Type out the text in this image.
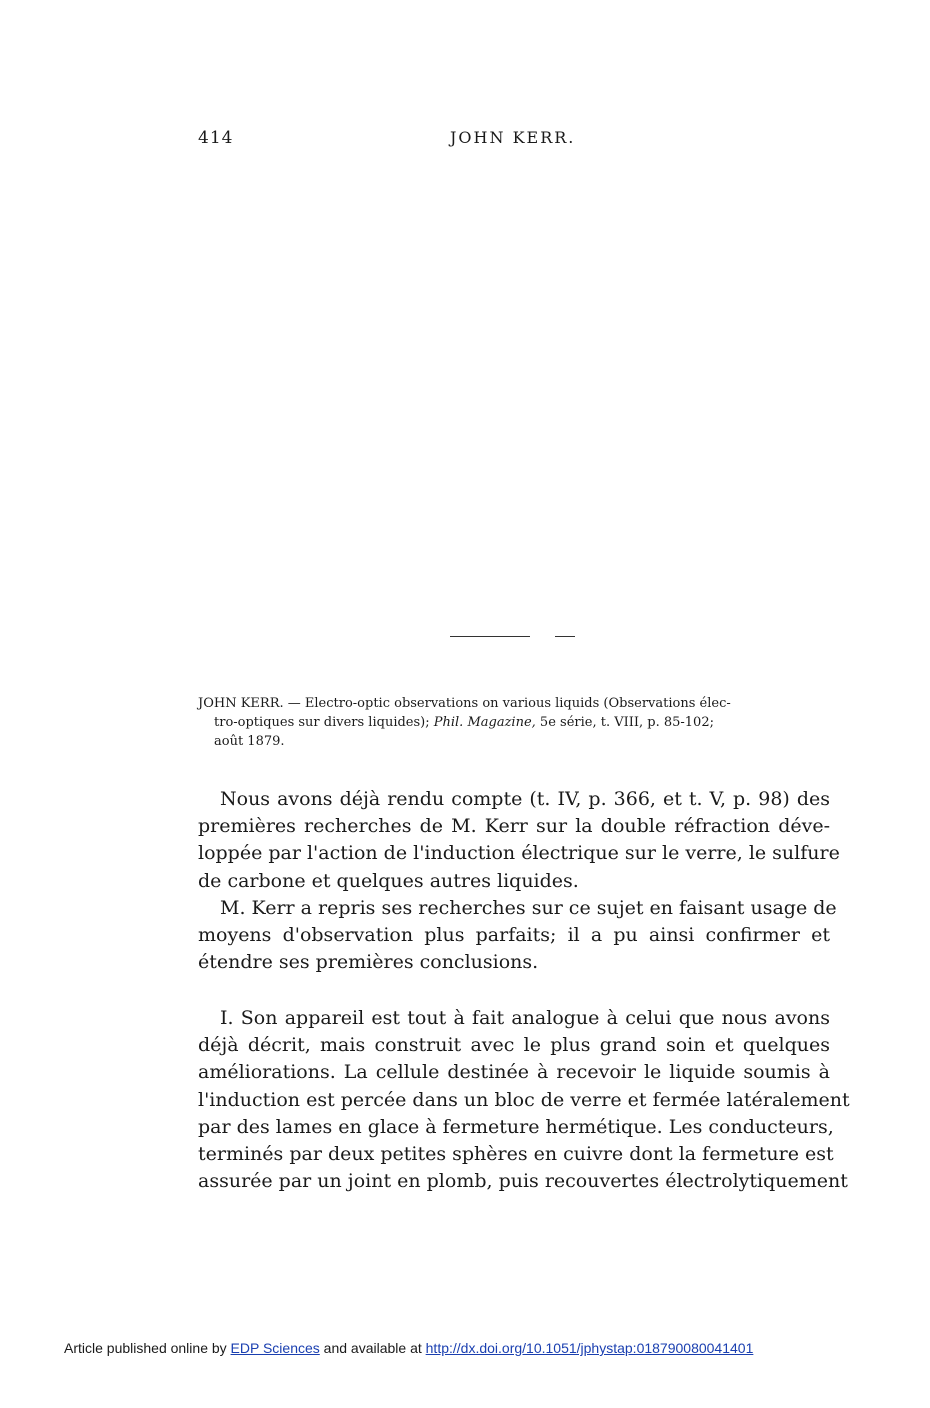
414	JOHN KERR.
JOHN KERR. — Electro-optic observations on various liquids (Observations élec-
tro-optiques sur divers liquides); Phil. Magazine, 5e série, t. VIII, p. 85-102;
août 1879.
Nous avons déjà rendu compte (t. IV, p. 366, et t. V, p. 98) des
premières recherches de M. Kerr sur la double réfraction déve-
loppée par l'action de l'induction électrique sur le verre, le sulfure
de carbone et quelques autres liquides.
M. Kerr a repris ses recherches sur ce sujet en faisant usage de
moyens d'observation plus parfaits; il a pu ainsi confirmer et
étendre ses premières conclusions.
I. Son appareil est tout à fait analogue à celui que nous avons
déjà décrit, mais construit avec le plus grand soin et quelques
améliorations. La cellule destinée à recevoir le liquide soumis à
l'induction est percée dans un bloc de verre et fermée latéralement
par des lames en glace à fermeture hermétique. Les conducteurs,
terminés par deux petites sphères en cuivre dont la fermeture est
assurée par un joint en plomb, puis recouvertes électrolytiquement
Article published online by EDP Sciences and available at http://dx.doi.org/10.1051/jphystap:018790080041401
